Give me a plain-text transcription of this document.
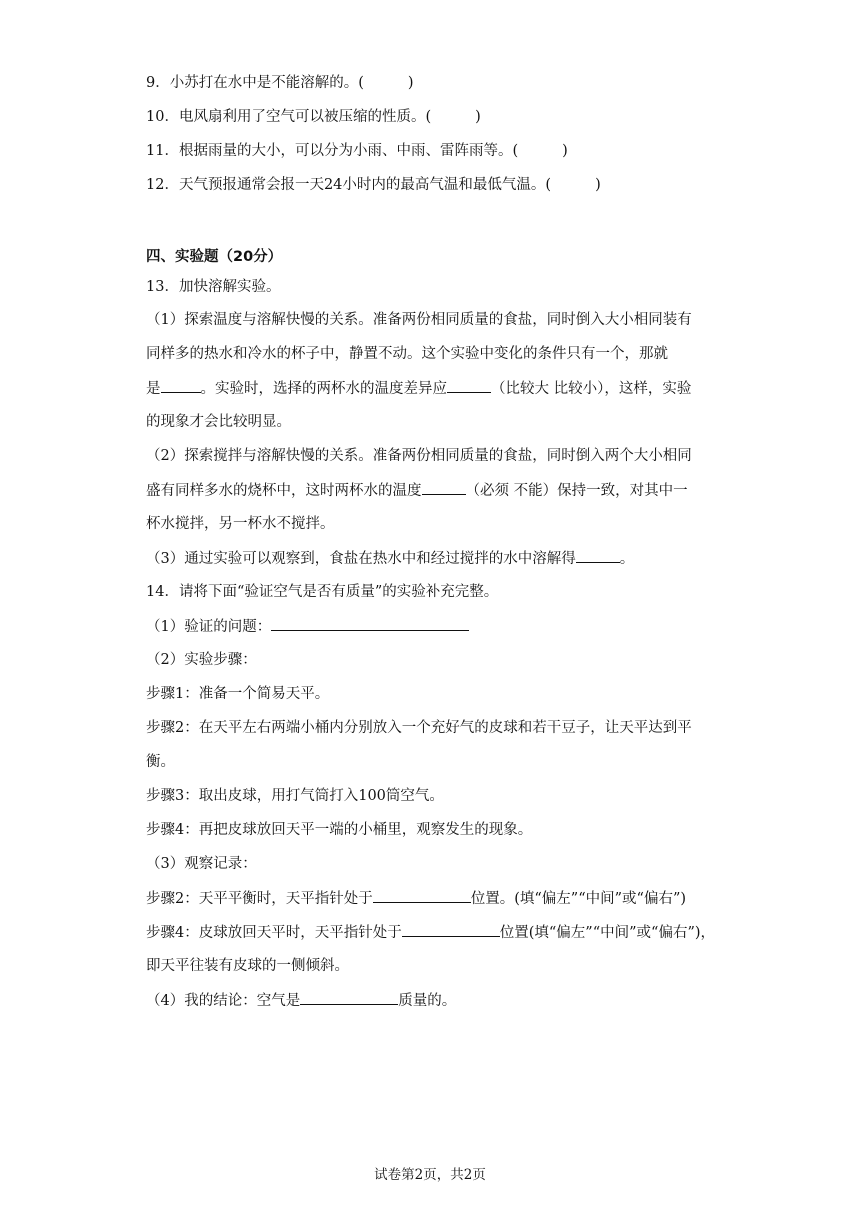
9．小苏打在水中是不能溶解的。(	)
10．电风扇利用了空气可以被压缩的性质。(	)
11．根据雨量的大小，可以分为小雨、中雨、雷阵雨等。(	)
12．天气预报通常会报一天24小时内的最高气温和最低气温。(	)
四、实验题（20分）
13．加快溶解实验。
（1）探索温度与溶解快慢的关系。准备两份相同质量的食盐，同时倒入大小相同装有
同样多的热水和冷水的杯子中，静置不动。这个实验中变化的条件只有一个，那就
是	。实验时，选择的两杯水的温度差异应	（比较大 比较小），这样，实验
的现象才会比较明显。
（2）探索搅拌与溶解快慢的关系。准备两份相同质量的食盐，同时倒入两个大小相同
盛有同样多水的烧杯中，这时两杯水的温度	（必须 不能）保持一致，对其中一
杯水搅拌，另一杯水不搅拌。
（3）通过实验可以观察到，食盐在热水中和经过搅拌的水中溶解得	。
14．请将下面“验证空气是否有质量”的实验补充完整。
（1）验证的问题：
（2）实验步骤：
步骤1：准备一个简易天平。
步骤2：在天平左右两端小桶内分别放入一个充好气的皮球和若干豆子，让天平达到平
衡。
步骤3：取出皮球，用打气筒打入100筒空气。
步骤4：再把皮球放回天平一端的小桶里，观察发生的现象。
（3）观察记录：
步骤2：天平平衡时，天平指针处于	位置。(填“偏左”“中间”或“偏右”)
步骤4：皮球放回天平时，天平指针处于	位置(填“偏左”“中间”或“偏右”)，
即天平往装有皮球的一侧倾斜。
（4）我的结论：空气是	质量的。
试卷第2页，共2页
